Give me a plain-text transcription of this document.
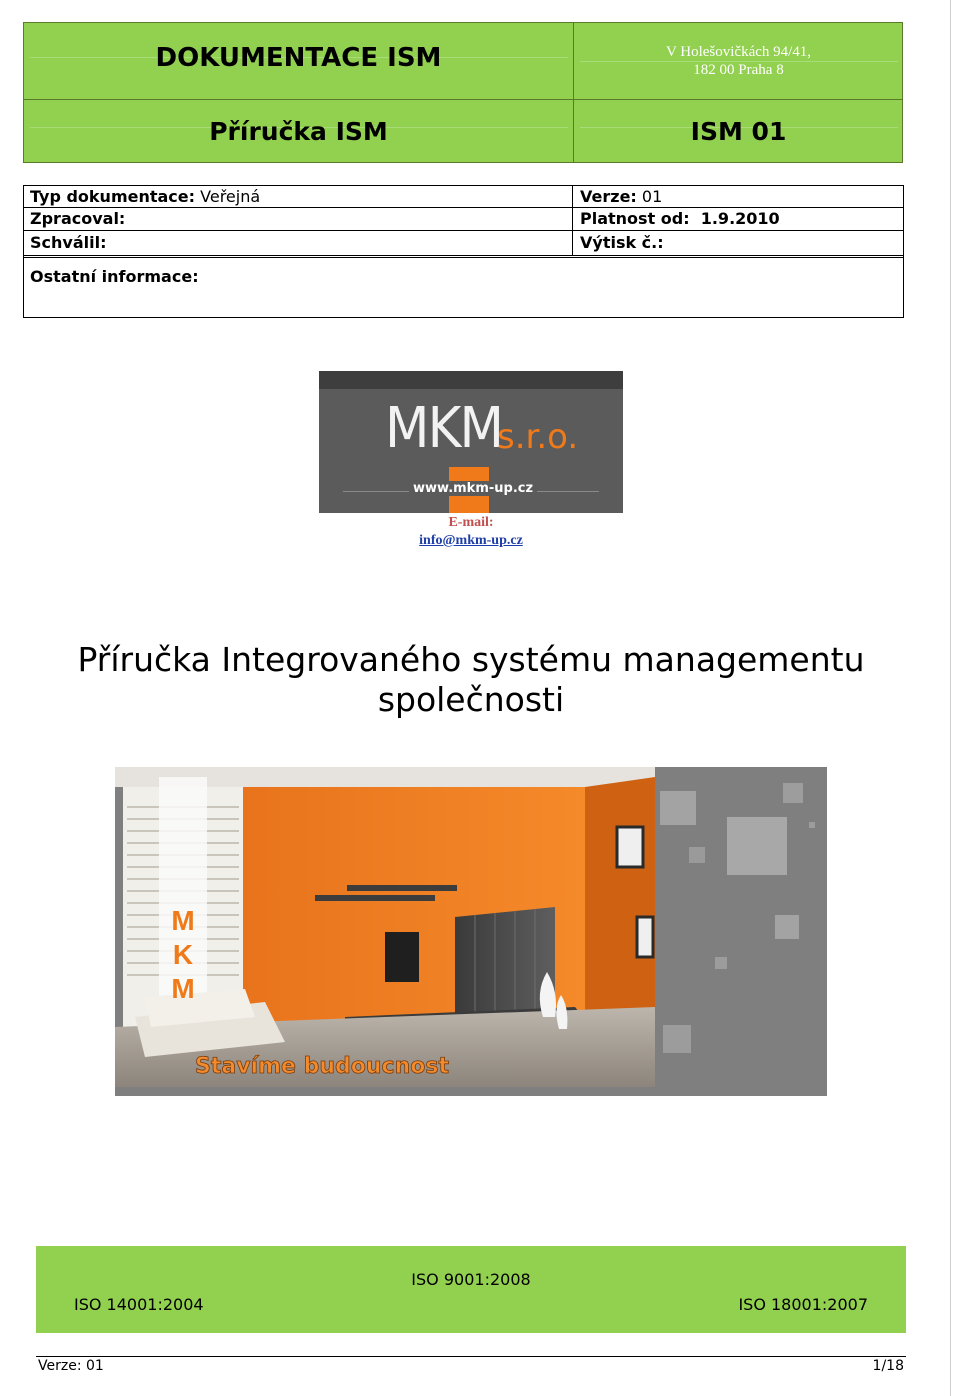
DOKUMENTACE ISM	V Holešovičkách 94/41,
182 00 Praha 8
Příručka ISM	ISM 01
Typ dokumentace: Veřejná	Verze: 01
Zpracoval:	Platnost od: 1.9.2010
Schválil:	Výtisk č.:
Ostatní informace:
MKM
s.r.o.
www.mkm-up.cz
E-mail:
info@mkm-up.cz
Příručka Integrovaného systému managementu
společnosti
M
K
M
Stavíme budoucnost
ISO 9001:2008
ISO 14001:2004	ISO 18001:2007
Verze: 01	1/18
